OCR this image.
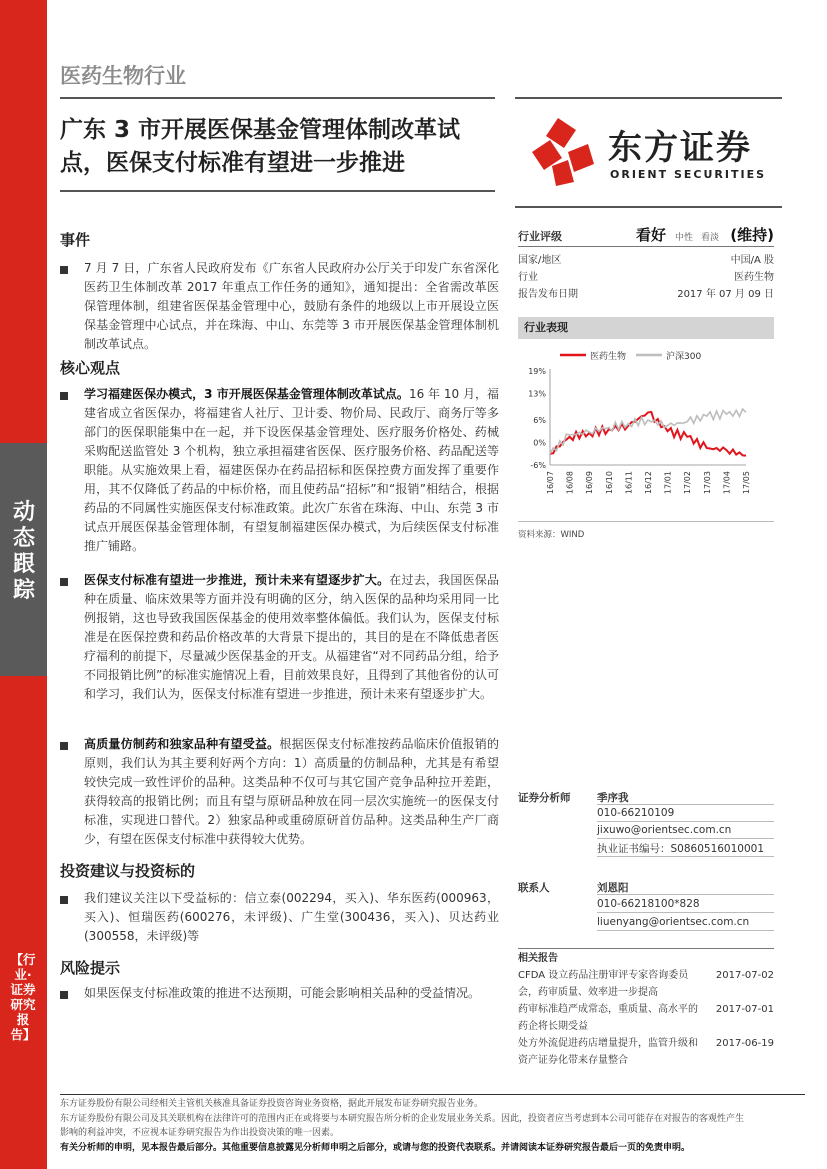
动态跟踪
【行业·证券研究报告】
医药生物行业
广东 3 市开展医保基金管理体制改革试点，医保支付标准有望进一步推进	东方证券
ORIENT SECURITIES
事件
7 月 7 日，广东省人民政府发布《广东省人民政府办公厅关于印发广东省深化医药卫生体制改革 2017 年重点工作任务的通知》，通知提出：全省需改革医保管理体制，组建省医保基金管理中心，鼓励有条件的地级以上市开展设立医保基金管理中心试点，并在珠海、中山、东莞等 3 市开展医保基金管理体制机制改革试点。
核心观点
学习福建医保办模式，3 市开展医保基金管理体制改革试点。16 年 10 月，福建省成立省医保办，将福建省人社厅、卫计委、物价局、民政厅、商务厅等多部门的医保职能集中在一起，并下设医保基金管理处、医疗服务价格处、药械采购配送监管处 3 个机构，独立承担福建省医保、医疗服务价格、药品配送等职能。从实施效果上看，福建医保办在药品招标和医保控费方面发挥了重要作用，其不仅降低了药品的中标价格，而且使药品“招标”和“报销”相结合，根据药品的不同属性实施医保支付标准政策。此次广东省在珠海、中山、东莞 3 市试点开展医保基金管理体制，有望复制福建医保办模式，为后续医保支付标准推广铺路。
医保支付标准有望进一步推进，预计未来有望逐步扩大。在过去，我国医保品种在质量、临床效果等方面并没有明确的区分，纳入医保的品种均采用同一比例报销，这也导致我国医保基金的使用效率整体偏低。我们认为，医保支付标准是在医保控费和药品价格改革的大背景下提出的，其目的是在不降低患者医疗福利的前提下，尽量减少医保基金的开支。从福建省“对不同药品分组，给予不同报销比例”的标准实施情况上看，目前效果良好，且得到了其他省份的认可和学习，我们认为，医保支付标准有望进一步推进，预计未来有望逐步扩大。
高质量仿制药和独家品种有望受益。根据医保支付标准按药品临床价值报销的原则，我们认为其主要利好两个方向：1）高质量的仿制品种，尤其是有希望较快完成一致性评价的品种。这类品种不仅可与其它国产竞争品种拉开差距，获得较高的报销比例；而且有望与原研品种放在同一层次实施统一的医保支付标准，实现进口替代。2）独家品种或重磅原研首仿品种。这类品种生产厂商少，有望在医保支付标准中获得较大优势。
投资建议与投资标的
我们建议关注以下受益标的：信立泰(002294，买入)、华东医药(000963，买入)、恒瑞医药(600276，未评级)、广生堂(300436，买入)、贝达药业(300558，未评级)等
风险提示
如果医保支付标准政策的推进不达预期，可能会影响相关品种的受益情况。
行业评级	看好 中性 看淡 (维持)
国家/地区	中国/A 股
行业	医药生物
报告发布日期	2017 年 07 月 09 日
行业表现
医药生物	沪深300
19%
13%
6%
0%
-6%
16/07 16/08 16/09 16/10 16/11 16/12 17/01 17/02 17/03 17/04 17/05
资料来源：WIND
证券分析师	季序我
010-66210109
jixuwo@orientsec.com.cn
执业证书编号：S0860516010001
联系人	刘恩阳
010-66218100*828
liuenyang@orientsec.com.cn
相关报告
CFDA 设立药品注册审评专家咨询委员
会，药审质量、效率进一步提高
2017-07-02
药审标准趋严成常态，重质量、高水平的
药企将长期受益
2017-07-01
处方外流促进药店增量提升，监管升级和
资产证券化带来存量整合
2017-06-19
东方证券股份有限公司经相关主管机关核准具备证券投资咨询业务资格，据此开展发布证券研究报告业务。
东方证券股份有限公司及其关联机构在法律许可的范围内正在或将要与本研究报告所分析的企业发展业务关系。因此，投资者应当考虑到本公司可能存在对报告的客观性产生
影响的利益冲突，不应视本证券研究报告为作出投资决策的唯一因素。
有关分析师的申明，见本报告最后部分。其他重要信息披露见分析师申明之后部分，或请与您的投资代表联系。并请阅读本证券研究报告最后一页的免责申明。
